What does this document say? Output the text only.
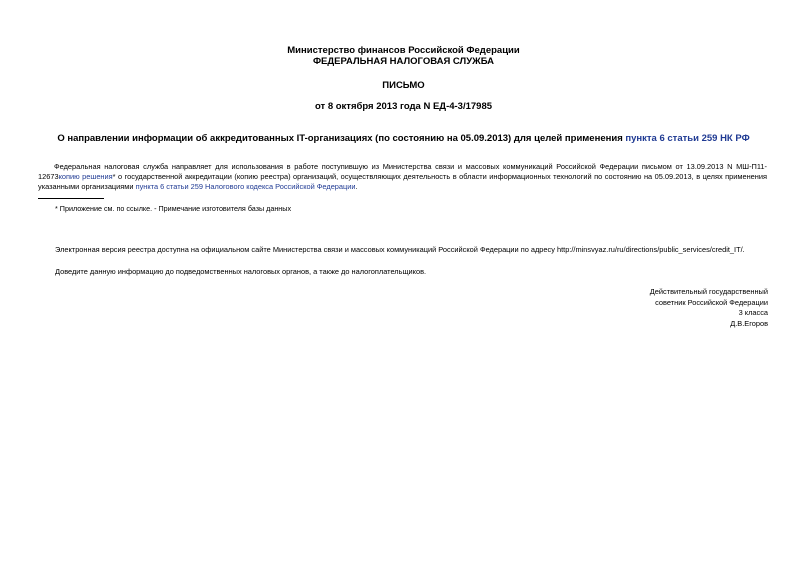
Министерство финансов Российской Федерации
ФЕДЕРАЛЬНАЯ НАЛОГОВАЯ СЛУЖБА
ПИСЬМО
от 8 октября 2013 года N ЕД-4-3/17985
О направлении информации об аккредитованных IT-организациях (по состоянию на 05.09.2013) для целей применения пункта 6 статьи 259 НК РФ
Федеральная налоговая служба направляет для использования в работе поступившую из Министерства связи и массовых коммуникаций Российской Федерации письмом от 13.09.2013 N МШ-П11-12673копию решения* о государственной аккредитации (копию реестра) организаций, осуществляющих деятельность в области информационных технологий по состоянию на 05.09.2013, в целях применения указанными организациями пункта 6 статьи 259 Налогового кодекса Российской Федерации.
* Приложение см. по ссылке. - Примечание изготовителя базы данных
Электронная версия реестра доступна на официальном сайте Министерства связи и массовых коммуникаций Российской Федерации по адресу http://minsvyaz.ru/ru/directions/public_services/credit_IT/.
Доведите данную информацию до подведомственных налоговых органов, а также до налогоплательщиков.
Действительный государственный
советник Российской Федерации
3 класса
Д.В.Егоров
